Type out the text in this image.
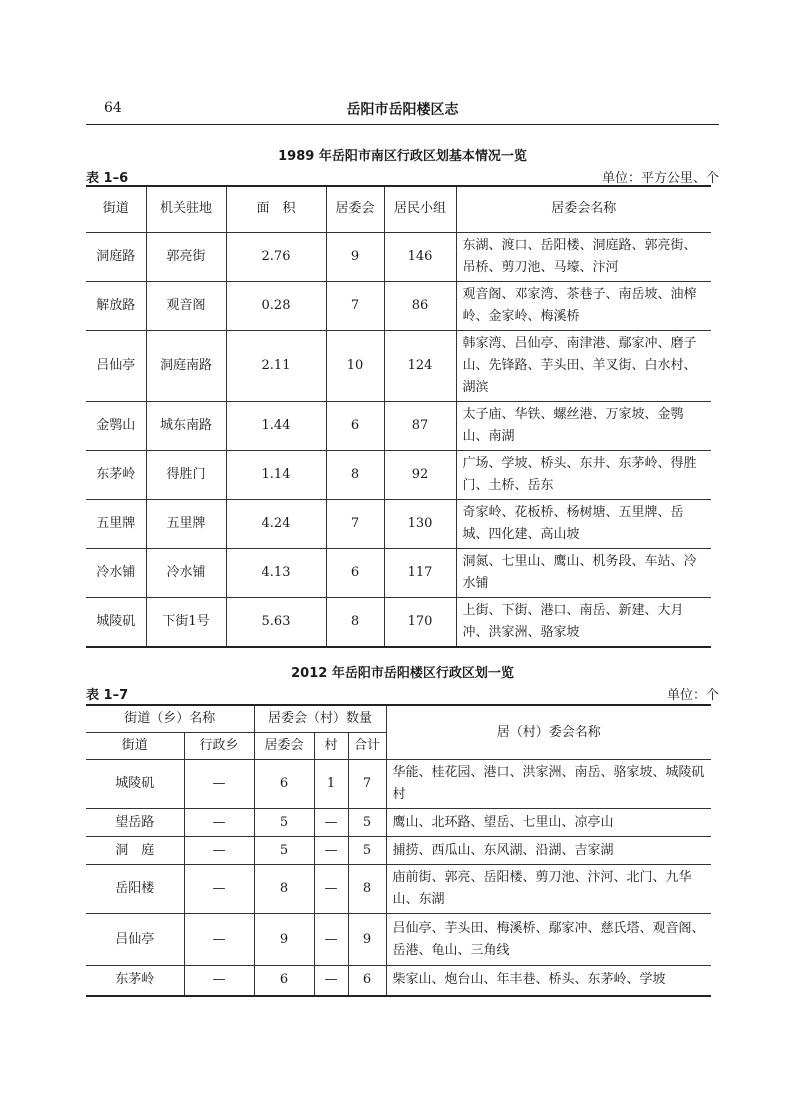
64	岳阳市岳阳楼区志
1989 年岳阳市南区行政区划基本情况一览
表 1–6	单位：平方公里、个
街道	机关驻地	面　积	居委会	居民小组	居委会名称
洞庭路	郭亮街	2.76	9	146	东湖、渡口、岳阳楼、洞庭路、郭亮街、吊桥、剪刀池、马壕、汴河
解放路	观音阁	0.28	7	86	观音阁、邓家湾、茶巷子、南岳坡、油榨岭、金家岭、梅溪桥
吕仙亭	洞庭南路	2.11	10	124	韩家湾、吕仙亭、南津港、鄢家冲、磨子山、先锋路、芋头田、羊叉街、白水村、湖滨
金鹗山	城东南路	1.44	6	87	太子庙、华铁、螺丝港、万家坡、金鹗山、南湖
东茅岭	得胜门	1.14	8	92	广场、学坡、桥头、东井、东茅岭、得胜门、土桥、岳东
五里牌	五里牌	4.24	7	130	奇家岭、花板桥、杨树塘、五里牌、岳城、四化建、高山坡
冷水铺	冷水铺	4.13	6	117	洞氮、七里山、鹰山、机务段、车站、冷水铺
城陵矶	下街1号	5.63	8	170	上街、下街、港口、南岳、新建、大月冲、洪家洲、骆家坡
2012 年岳阳市岳阳楼区行政区划一览
表 1–7	单位：个
街道（乡）名称		居委会（村）数量			居（村）委会名称
街道	行政乡	居委会	村	合计	
城陵矶	—	6	1	7	华能、桂花园、港口、洪家洲、南岳、骆家坡、城陵矶村
望岳路	—	5	—	5	鹰山、北环路、望岳、七里山、凉亭山
洞　庭	—	5	—	5	捕捞、西瓜山、东风湖、沿湖、吉家湖
岳阳楼	—	8	—	8	庙前街、郭亮、岳阳楼、剪刀池、汴河、北门、九华山、东湖
吕仙亭	—	9	—	9	吕仙亭、芋头田、梅溪桥、鄢家冲、慈氏塔、观音阁、岳港、龟山、三角线
东茅岭	—	6	—	6	柴家山、炮台山、年丰巷、桥头、东茅岭、学坡
